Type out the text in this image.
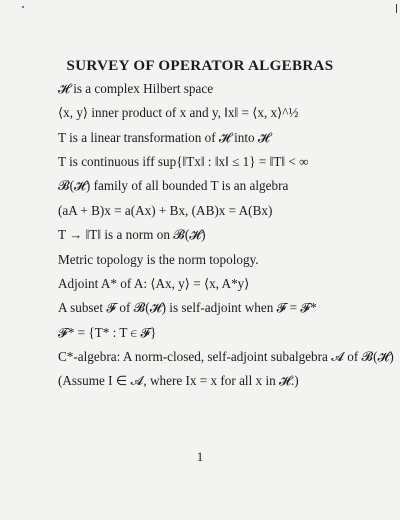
SURVEY OF OPERATOR ALGEBRAS
𝓗 is a complex Hilbert space
⟨x, y⟩ inner product of x and y, ‖x‖ = ⟨x, x⟩^½
T is a linear transformation of 𝓗 into 𝓗
T is continuous iff sup{‖Tx‖ : ‖x‖ ≤ 1} = ‖T‖ < ∞
𝓑(𝓗) family of all bounded T is an algebra
(aA + B)x = a(Ax) + Bx, (AB)x = A(Bx)
T → ‖T‖ is a norm on 𝓑(𝓗)
Metric topology is the norm topology.
Adjoint A* of A: ⟨Ax, y⟩ = ⟨x, A*y⟩
A subset 𝓕 of 𝓑(𝓗) is self-adjoint when 𝓕 = 𝓕*
𝓕* = {T* : T ∈ 𝓕}
C*-algebra: A norm-closed, self-adjoint subalgebra 𝓐 of 𝓑(𝓗)
(Assume I ∈ 𝓐, where Ix = x for all x in 𝓗.)
1
